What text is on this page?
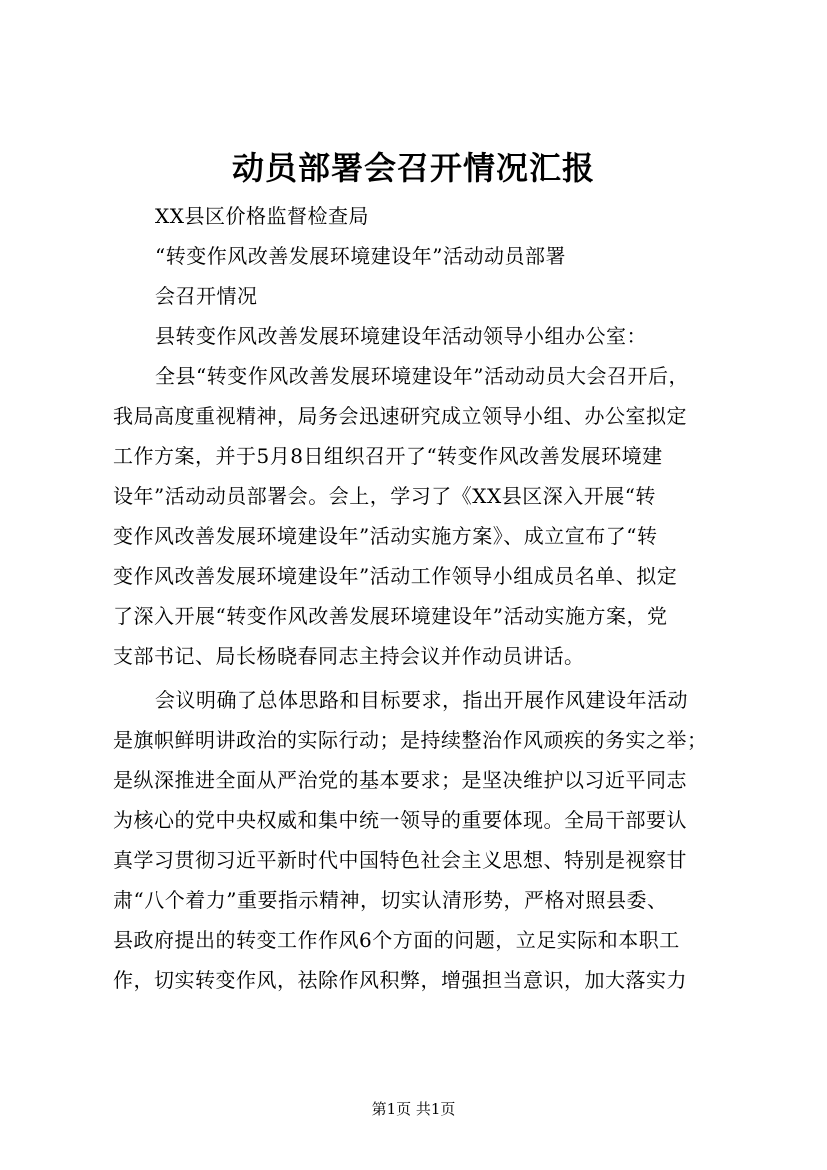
动员部署会召开情况汇报
XX县区价格监督检查局
“转变作风改善发展环境建设年”活动动员部署
会召开情况
县转变作风改善发展环境建设年活动领导小组办公室：
全县“转变作风改善发展环境建设年”活动动员大会召开后，
我局高度重视精神，局务会迅速研究成立领导小组、办公室拟定
工作方案，并于5月8日组织召开了“转变作风改善发展环境建
设年”活动动员部署会。会上，学习了《XX县区深入开展“转
变作风改善发展环境建设年”活动实施方案》、成立宣布了“转
变作风改善发展环境建设年”活动工作领导小组成员名单、拟定
了深入开展“转变作风改善发展环境建设年”活动实施方案，党
支部书记、局长杨晓春同志主持会议并作动员讲话。
会议明确了总体思路和目标要求，指出开展作风建设年活动
是旗帜鲜明讲政治的实际行动；是持续整治作风顽疾的务实之举；
是纵深推进全面从严治党的基本要求；是坚决维护以习近平同志
为核心的党中央权威和集中统一领导的重要体现。全局干部要认
真学习贯彻习近平新时代中国特色社会主义思想、特别是视察甘
肃“八个着力”重要指示精神，切实认清形势，严格对照县委、
县政府提出的转变工作作风6个方面的问题，立足实际和本职工
作，切实转变作风，祛除作风积弊，增强担当意识，加大落实力
第1页 共1页
